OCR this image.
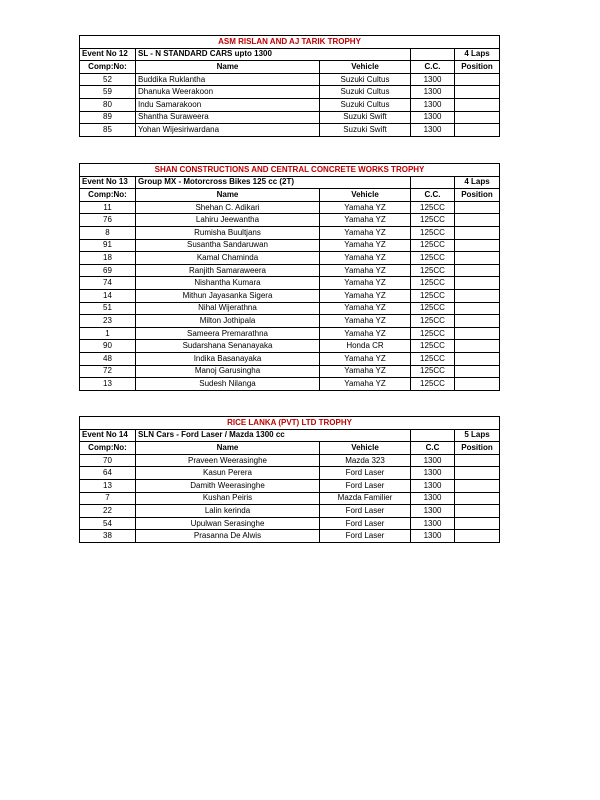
ASM RISLAN AND AJ TARIK TROPHY				
Event No 12	SL - N STANDARD CARS upto 1300			4 Laps
Comp:No:	Name	Vehicle	C.C.	Position
52	Buddika Ruklantha	Suzuki Cultus	1300	
59	Dhanuka Weerakoon	Suzuki Cultus	1300	
80	Indu Samarakoon	Suzuki Cultus	1300	
89	Shantha Suraweera	Suzuki Swift	1300	
85	Yohan Wijesiriwardana	Suzuki Swift	1300	
SHAN CONSTRUCTIONS AND CENTRAL CONCRETE WORKS TROPHY				
Event No 13	Group MX - Motorcross Bikes 125 cc (2T)			4 Laps
Comp:No:	Name	Vehicle	C.C.	Position
11	Shehan C. Adikari	Yamaha YZ	125CC	
76	Lahiru Jeewantha	Yamaha YZ	125CC	
8	Rumisha Buultjans	Yamaha YZ	125CC	
91	Susantha Sandaruwan	Yamaha YZ	125CC	
18	Kamal Chaminda	Yamaha YZ	125CC	
69	Ranjith Samaraweera	Yamaha YZ	125CC	
74	Nishantha Kumara	Yamaha YZ	125CC	
14	Mithun Jayasanka Sigera	Yamaha YZ	125CC	
51	Nihal Wijerathna	Yamaha YZ	125CC	
23	Milton Jothipala	Yamaha YZ	125CC	
1	Sameera Premarathna	Yamaha YZ	125CC	
90	Sudarshana Senanayaka	Honda CR	125CC	
48	Indika Basanayaka	Yamaha YZ	125CC	
72	Manoj Garusingha	Yamaha YZ	125CC	
13	Sudesh Nilanga	Yamaha YZ	125CC	
RICE LANKA (PVT) LTD TROPHY				
Event No 14	SLN Cars - Ford Laser / Mazda 1300 cc			5 Laps
Comp:No:	Name	Vehicle	C.C	Position
70	Praveen Weerasinghe	Mazda 323	1300	
64	Kasun Perera	Ford Laser	1300	
13	Damith Weerasinghe	Ford Laser	1300	
7	Kushan Peiris	Mazda Familier	1300	
22	Lalin kerinda	Ford Laser	1300	
54	Upulwan Serasinghe	Ford Laser	1300	
38	Prasanna De Alwis	Ford Laser	1300	
